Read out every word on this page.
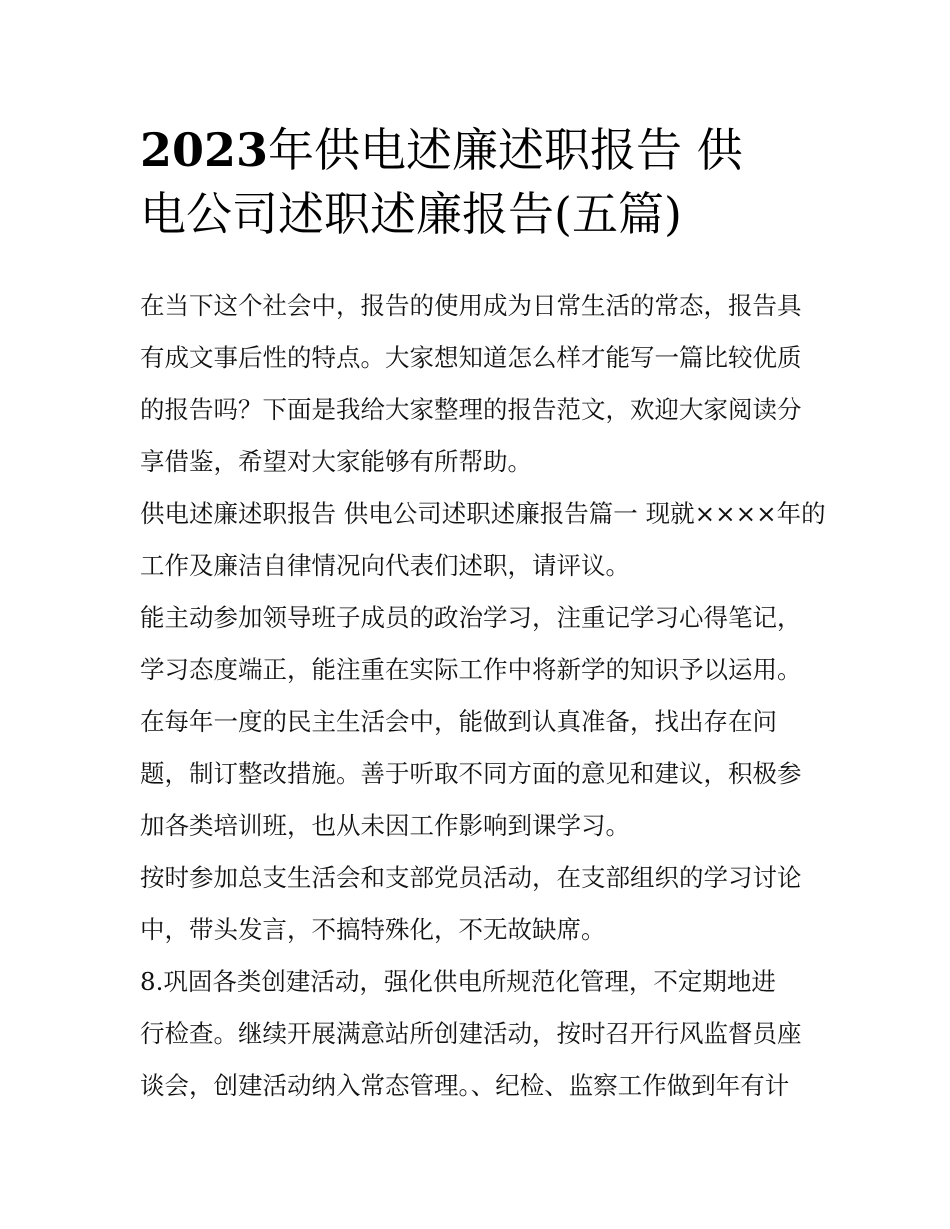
2023年供电述廉述职报告 供
电公司述职述廉报告(五篇)
在当下这个社会中，报告的使用成为日常生活的常态，报告具
有成文事后性的特点。大家想知道怎么样才能写一篇比较优质
的报告吗？下面是我给大家整理的报告范文，欢迎大家阅读分
享借鉴，希望对大家能够有所帮助。
供电述廉述职报告 供电公司述职述廉报告篇一 现就××××年的
工作及廉洁自律情况向代表们述职，请评议。
能主动参加领导班子成员的政治学习，注重记学习心得笔记，
学习态度端正，能注重在实际工作中将新学的知识予以运用。
在每年一度的民主生活会中，能做到认真准备，找出存在问
题，制订整改措施。善于听取不同方面的意见和建议，积极参
加各类培训班，也从未因工作影响到课学习。
按时参加总支生活会和支部党员活动，在支部组织的学习讨论
中，带头发言，不搞特殊化，不无故缺席。
8.巩固各类创建活动，强化供电所规范化管理，不定期地进
行检查。继续开展满意站所创建活动，按时召开行风监督员座
谈会，创建活动纳入常态管理。、纪检、监察工作做到年有计
